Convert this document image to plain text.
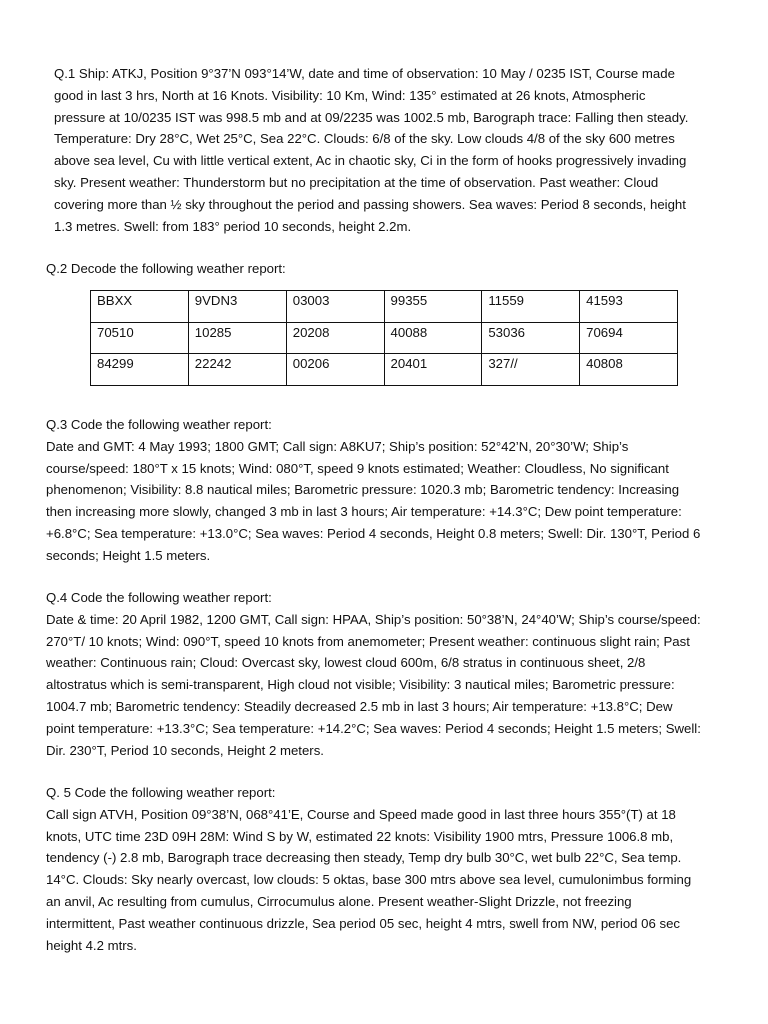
Q.1 Ship: ATKJ, Position 9°37’N 093°14’W, date and time of observation: 10 May / 0235 IST, Course made
good in last 3 hrs, North at 16 Knots. Visibility: 10 Km, Wind: 135° estimated at 26 knots, Atmospheric
pressure at 10/0235 IST was 998.5 mb and at 09/2235 was 1002.5 mb, Barograph trace: Falling then steady.
Temperature: Dry 28°C, Wet 25°C, Sea 22°C. Clouds: 6/8 of the sky. Low clouds 4/8 of the sky 600 metres
above sea level, Cu with little vertical extent, Ac in chaotic sky, Ci in the form of hooks progressively invading
sky. Present weather: Thunderstorm but no precipitation at the time of observation. Past weather: Cloud
covering more than ½ sky throughout the period and passing showers. Sea waves: Period 8 seconds, height
1.3 metres. Swell: from 183° period 10 seconds, height 2.2m.
Q.2 Decode the following weather report:
BBXX	9VDN3	03003	99355	11559	41593
70510	10285	20208	40088	53036	70694
84299	22242	00206	20401	327//	40808
Q.3 Code the following weather report:
Date and GMT: 4 May 1993; 1800 GMT; Call sign: A8KU7; Ship’s position: 52°42’N, 20°30’W; Ship’s
course/speed: 180°T x 15 knots; Wind: 080°T, speed 9 knots estimated; Weather: Cloudless, No significant
phenomenon; Visibility: 8.8 nautical miles; Barometric pressure: 1020.3 mb; Barometric tendency: Increasing
then increasing more slowly, changed 3 mb in last 3 hours; Air temperature: +14.3°C; Dew point temperature:
+6.8°C; Sea temperature: +13.0°C; Sea waves: Period 4 seconds, Height 0.8 meters; Swell: Dir. 130°T, Period 6
seconds; Height 1.5 meters.
Q.4 Code the following weather report:
Date & time: 20 April 1982, 1200 GMT, Call sign: HPAA, Ship’s position: 50°38’N, 24°40’W; Ship’s course/speed:
270°T/ 10 knots; Wind: 090°T, speed 10 knots from anemometer; Present weather: continuous slight rain; Past
weather: Continuous rain; Cloud: Overcast sky, lowest cloud 600m, 6/8 stratus in continuous sheet, 2/8
altostratus which is semi-transparent, High cloud not visible; Visibility: 3 nautical miles; Barometric pressure:
1004.7 mb; Barometric tendency: Steadily decreased 2.5 mb in last 3 hours; Air temperature: +13.8°C; Dew
point temperature: +13.3°C; Sea temperature: +14.2°C; Sea waves: Period 4 seconds; Height 1.5 meters; Swell:
Dir. 230°T, Period 10 seconds, Height 2 meters.
Q. 5 Code the following weather report:
Call sign ATVH, Position 09°38’N, 068°41’E, Course and Speed made good in last three hours 355°(T) at 18
knots, UTC time 23D 09H 28M: Wind S by W, estimated 22 knots: Visibility 1900 mtrs, Pressure 1006.8 mb,
tendency (-) 2.8 mb, Barograph trace decreasing then steady, Temp dry bulb 30°C, wet bulb 22°C, Sea temp.
14°C. Clouds: Sky nearly overcast, low clouds: 5 oktas, base 300 mtrs above sea level, cumulonimbus forming
an anvil, Ac resulting from cumulus, Cirrocumulus alone. Present weather-Slight Drizzle, not freezing
intermittent, Past weather continuous drizzle, Sea period 05 sec, height 4 mtrs, swell from NW, period 06 sec
height 4.2 mtrs.
